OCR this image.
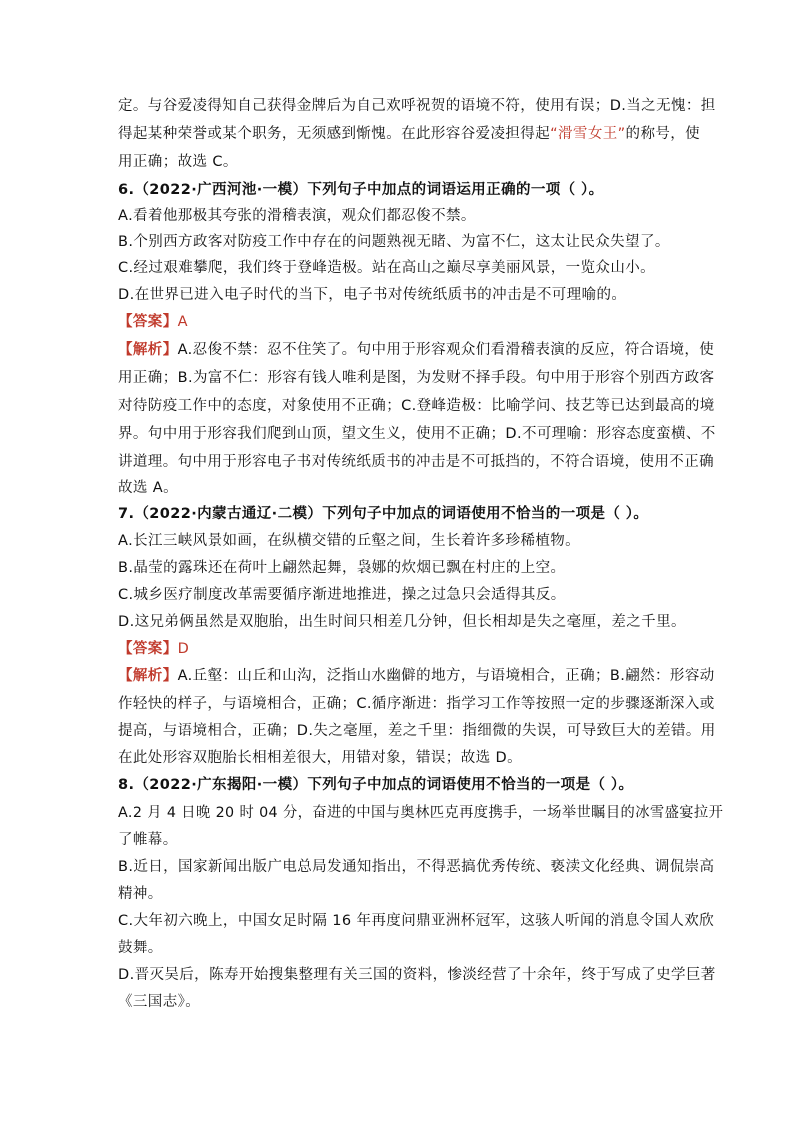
定。与谷爱凌得知自己获得金牌后为自己欢呼祝贺的语境不符，使用有误；D.当之无愧：担
得起某种荣誉或某个职务，无须感到惭愧。在此形容谷爱凌担得起“滑雪女王”的称号，使
用正确；故选 C。
6.（2022·广西河池·一模）下列句子中加点的词语运用正确的一项（ ）。
A.看着他那极其夸张的滑稽表演，观众们都忍俊不禁。
B.个别西方政客对防疫工作中存在的问题熟视无睹、为富不仁，这太让民众失望了。
C.经过艰难攀爬，我们终于登峰造极。站在高山之巅尽享美丽风景，一览众山小。
D.在世界已进入电子时代的当下，电子书对传统纸质书的冲击是不可理喻的。
【答案】A
【解析】A.忍俊不禁：忍不住笑了。句中用于形容观众们看滑稽表演的反应，符合语境，使
用正确；B.为富不仁：形容有钱人唯利是图，为发财不择手段。句中用于形容个别西方政客
对待防疫工作中的态度，对象使用不正确；C.登峰造极：比喻学问、技艺等已达到最高的境
界。句中用于形容我们爬到山顶，望文生义，使用不正确；D.不可理喻：形容态度蛮横、不
讲道理。句中用于形容电子书对传统纸质书的冲击是不可抵挡的，不符合语境，使用不正确
故选 A。
7.（2022·内蒙古通辽·二模）下列句子中加点的词语使用不恰当的一项是（ ）。
A.长江三峡风景如画，在纵横交错的丘壑之间，生长着许多珍稀植物。
B.晶莹的露珠还在荷叶上翩然起舞，袅娜的炊烟已飘在村庄的上空。
C.城乡医疗制度改革需要循序渐进地推进，操之过急只会适得其反。
D.这兄弟俩虽然是双胞胎，出生时间只相差几分钟，但长相却是失之毫厘，差之千里。
【答案】D
【解析】A.丘壑：山丘和山沟，泛指山水幽僻的地方，与语境相合，正确；B.翩然：形容动
作轻快的样子，与语境相合，正确；C.循序渐进：指学习工作等按照一定的步骤逐渐深入或
提高，与语境相合，正确；D.失之毫厘，差之千里：指细微的失误，可导致巨大的差错。用
在此处形容双胞胎长相相差很大，用错对象，错误；故选 D。
8.（2022·广东揭阳·一模）下列句子中加点的词语使用不恰当的一项是（ ）。
A.2 月 4 日晚 20 时 04 分，奋进的中国与奥林匹克再度携手，一场举世瞩目的冰雪盛宴拉开
了帷幕。
B.近日，国家新闻出版广电总局发通知指出，不得恶搞优秀传统、亵渎文化经典、调侃崇高
精神。
C.大年初六晚上，中国女足时隔 16 年再度问鼎亚洲杯冠军，这骇人听闻的消息令国人欢欣
鼓舞。
D.晋灭吴后，陈寿开始搜集整理有关三国的资料，惨淡经营了十余年，终于写成了史学巨著
《三国志》。
